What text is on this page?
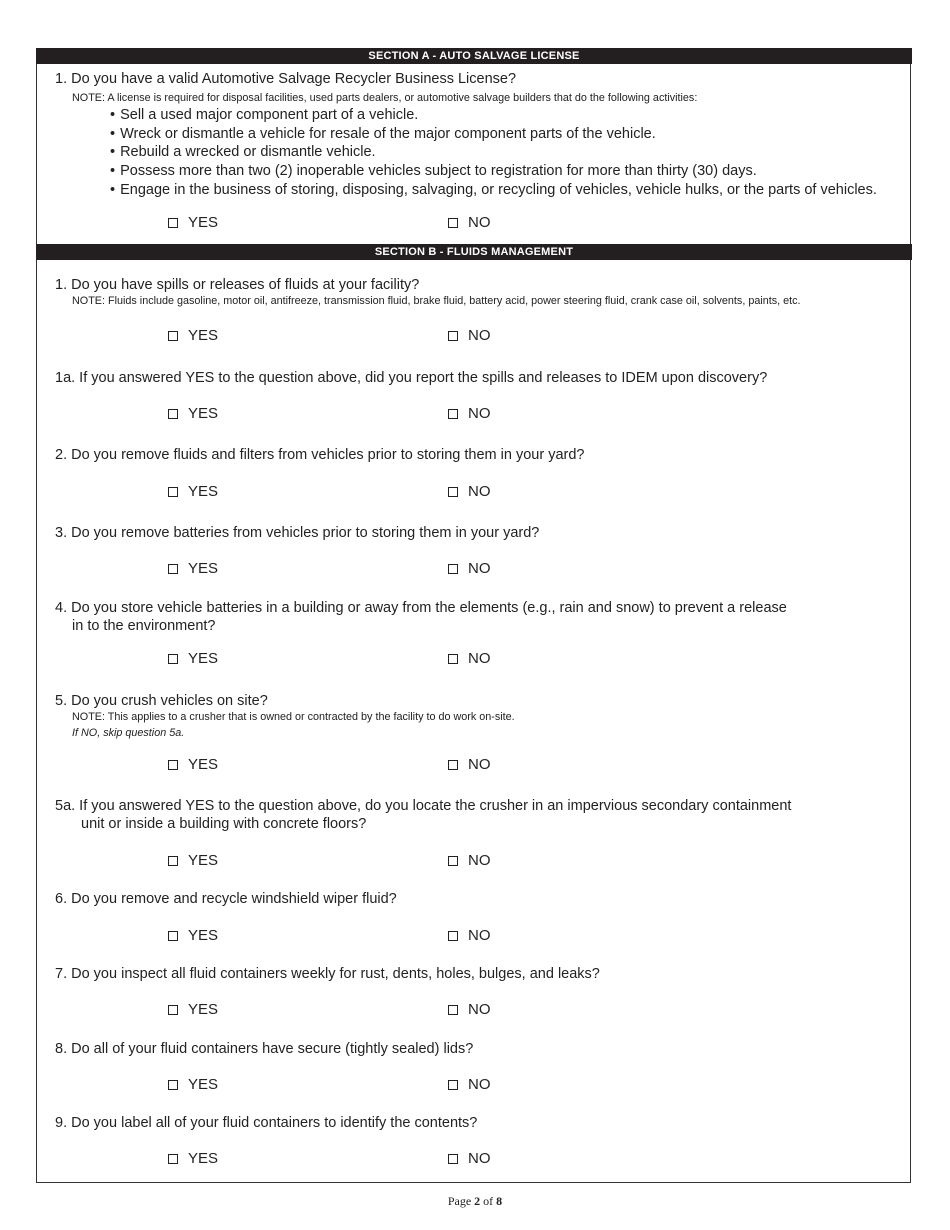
SECTION A - AUTO SALVAGE LICENSE
1. Do you have a valid Automotive Salvage Recycler Business License?
NOTE: A license is required for disposal facilities, used parts dealers, or automotive salvage builders that do the following activities:
• Sell a used major component part of a vehicle.
• Wreck or dismantle a vehicle for resale of the major component parts of the vehicle.
• Rebuild a wrecked or dismantle vehicle.
• Possess more than two (2) inoperable vehicles subject to registration for more than thirty (30) days.
• Engage in the business of storing, disposing, salvaging, or recycling of vehicles, vehicle hulks, or the parts of vehicles.
YES	NO
SECTION B - FLUIDS MANAGEMENT
1. Do you have spills or releases of fluids at your facility?
NOTE: Fluids include gasoline, motor oil, antifreeze, transmission fluid, brake fluid, battery acid, power steering fluid, crank case oil, solvents, paints, etc.
YES	NO
1a. If you answered YES to the question above, did you report the spills and releases to IDEM upon discovery?
YES	NO
2. Do you remove fluids and filters from vehicles prior to storing them in your yard?
YES	NO
3. Do you remove batteries from vehicles prior to storing them in your yard?
YES	NO
4. Do you store vehicle batteries in a building or away from the elements (e.g., rain and snow) to prevent a release
in to the environment?
YES	NO
5. Do you crush vehicles on site?
NOTE: This applies to a crusher that is owned or contracted by the facility to do work on-site.
If NO, skip question 5a.
YES	NO
5a. If you answered YES to the question above, do you locate the crusher in an impervious secondary containment
unit or inside a building with concrete floors?
YES	NO
6. Do you remove and recycle windshield wiper fluid?
YES	NO
7. Do you inspect all fluid containers weekly for rust, dents, holes, bulges, and leaks?
YES	NO
8. Do all of your fluid containers have secure (tightly sealed) lids?
YES	NO
9. Do you label all of your fluid containers to identify the contents?
YES	NO
Page 2 of 8
